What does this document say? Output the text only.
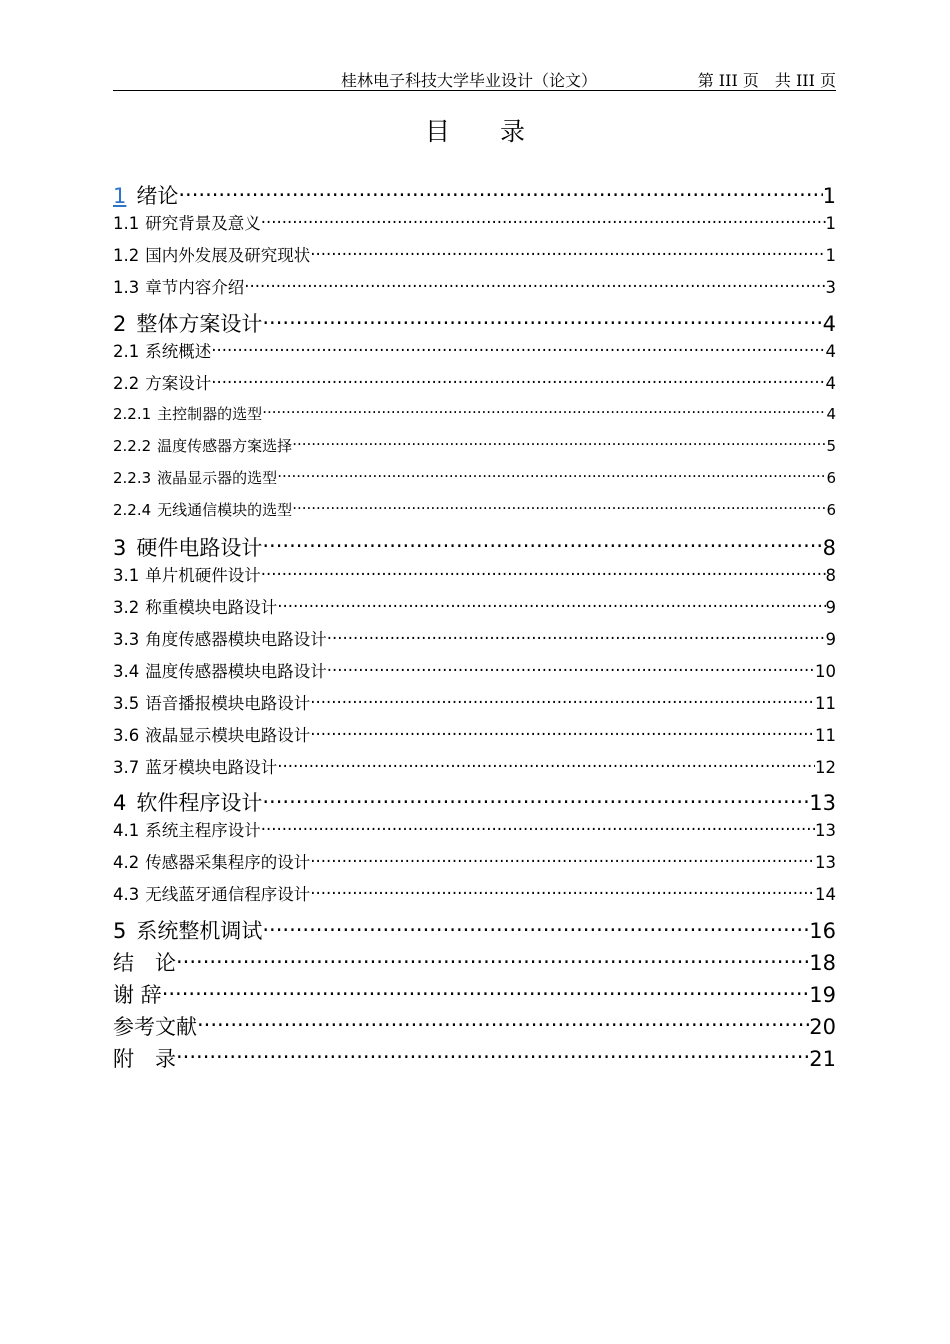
桂林电子科技大学毕业设计（论文）	第 III 页　共 III 页
目 录
1 绪论 .....	1
1.1 研究背景及意义 .....	1
1.2 国内外发展及研究现状 .....	1
1.3 章节内容介绍 .....	3
2 整体方案设计 .....	4
2.1 系统概述 .....	4
2.2 方案设计 .....	4
2.2.1 主控制器的选型 .....	4
2.2.2 温度传感器方案选择 .....	5
2.2.3 液晶显示器的选型 .....	6
2.2.4 无线通信模块的选型 .....	6
3 硬件电路设计 .....	8
3.1 单片机硬件设计 .....	8
3.2 称重模块电路设计 .....	9
3.3 角度传感器模块电路设计 .....	9
3.4 温度传感器模块电路设计 .....	10
3.5 语音播报模块电路设计 .....	11
3.6 液晶显示模块电路设计 .....	11
3.7 蓝牙模块电路设计 .....	12
4 软件程序设计 .....	13
4.1 系统主程序设计 .....	13
4.2 传感器采集程序的设计 .....	13
4.3 无线蓝牙通信程序设计 .....	14
5 系统整机调试 .....	16
结　论 .....	18
谢 辞 .....	19
参考文献 .....	20
附　录 .....	21
